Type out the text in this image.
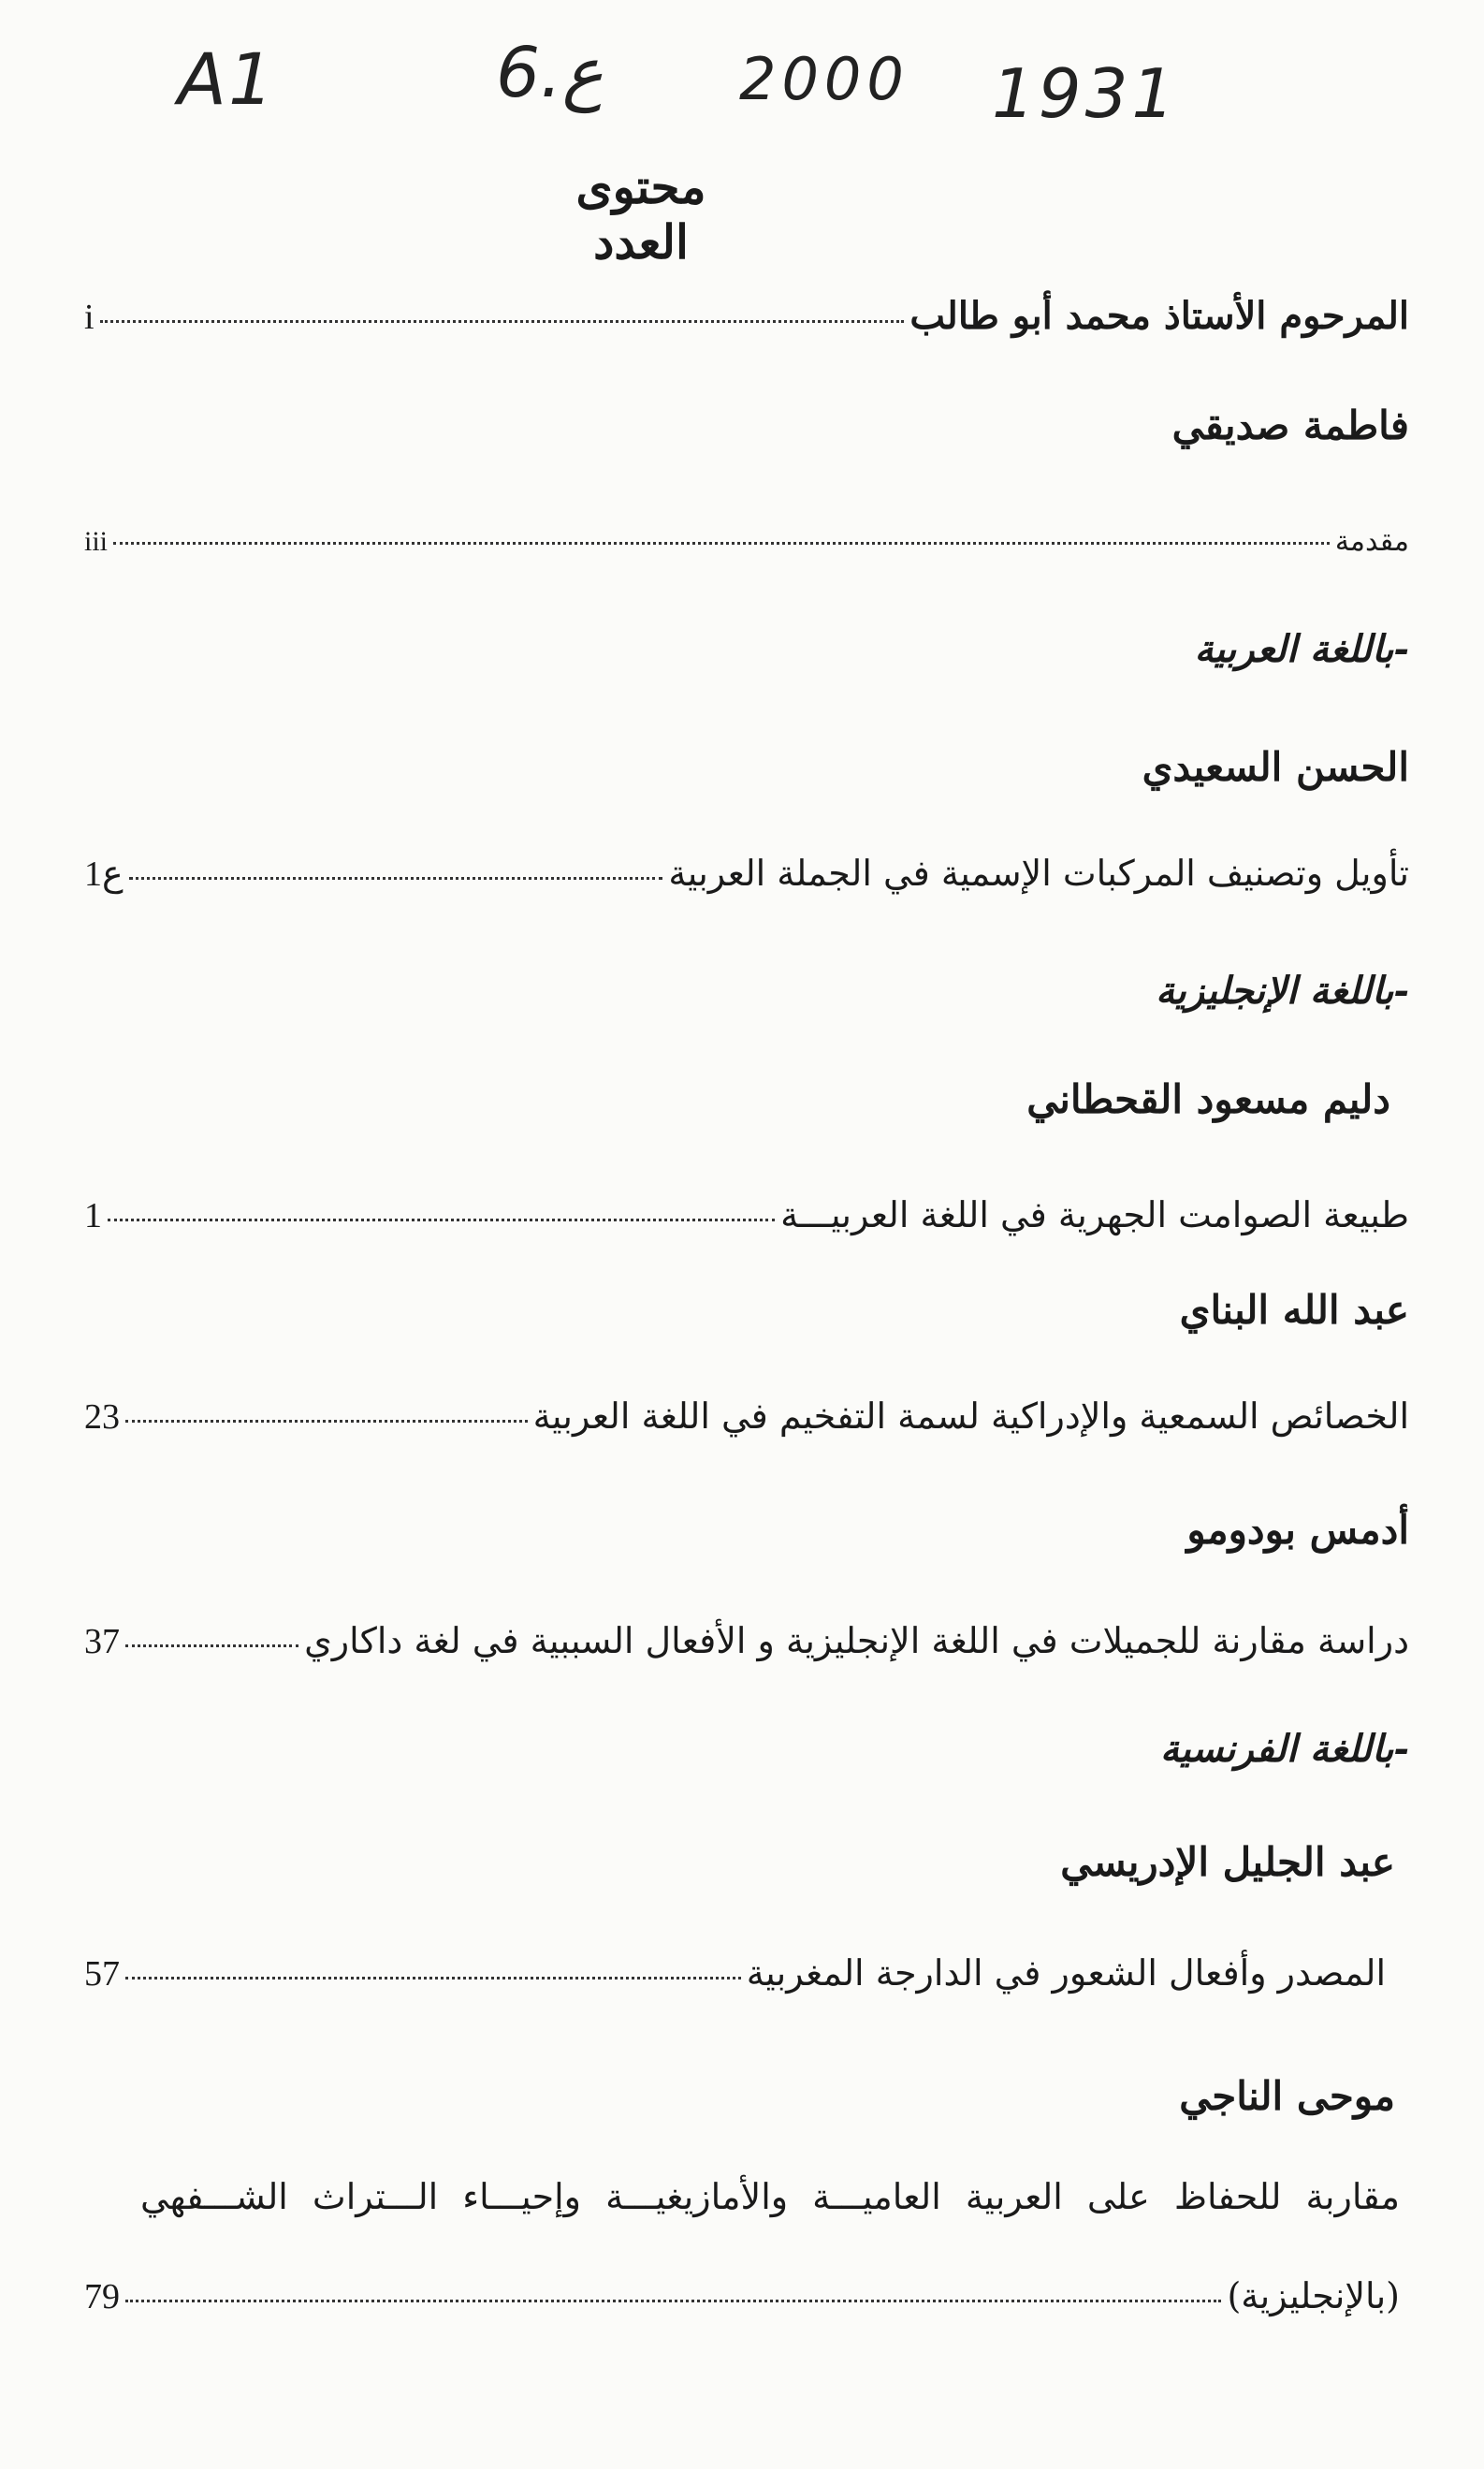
A1	6.ع 2000 1931
محتوى العدد
المرحوم الأستاذ محمد أبو طالب
i
فاطمة صديقي
مقدمة
iii
-باللغة العربية
الحسن السعيدي
تأويل وتصنيف المركبات الإسمية في الجملة العربية
ع1
-باللغة الإنجليزية
دليم مسعود القحطاني
طبيعة الصوامت الجهرية في اللغة العربيـــة
1
عبد الله البناي
الخصائص السمعية والإدراكية لسمة التفخيم في اللغة العربية
23
أدمس بودومو
دراسة مقارنة للجميلات في اللغة الإنجليزية و الأفعال السببية في لغة داكاري
37
-باللغة الفرنسية
عبد الجليل الإدريسي
المصدر وأفعال الشعور في الدارجة المغربية
57
موحى الناجي
مقاربة للحفاظ على العربية العاميـــة والأمازيغيـــة وإحيـــاء الـــتراث الشـــفهي
(بالإنجليزية)
79
